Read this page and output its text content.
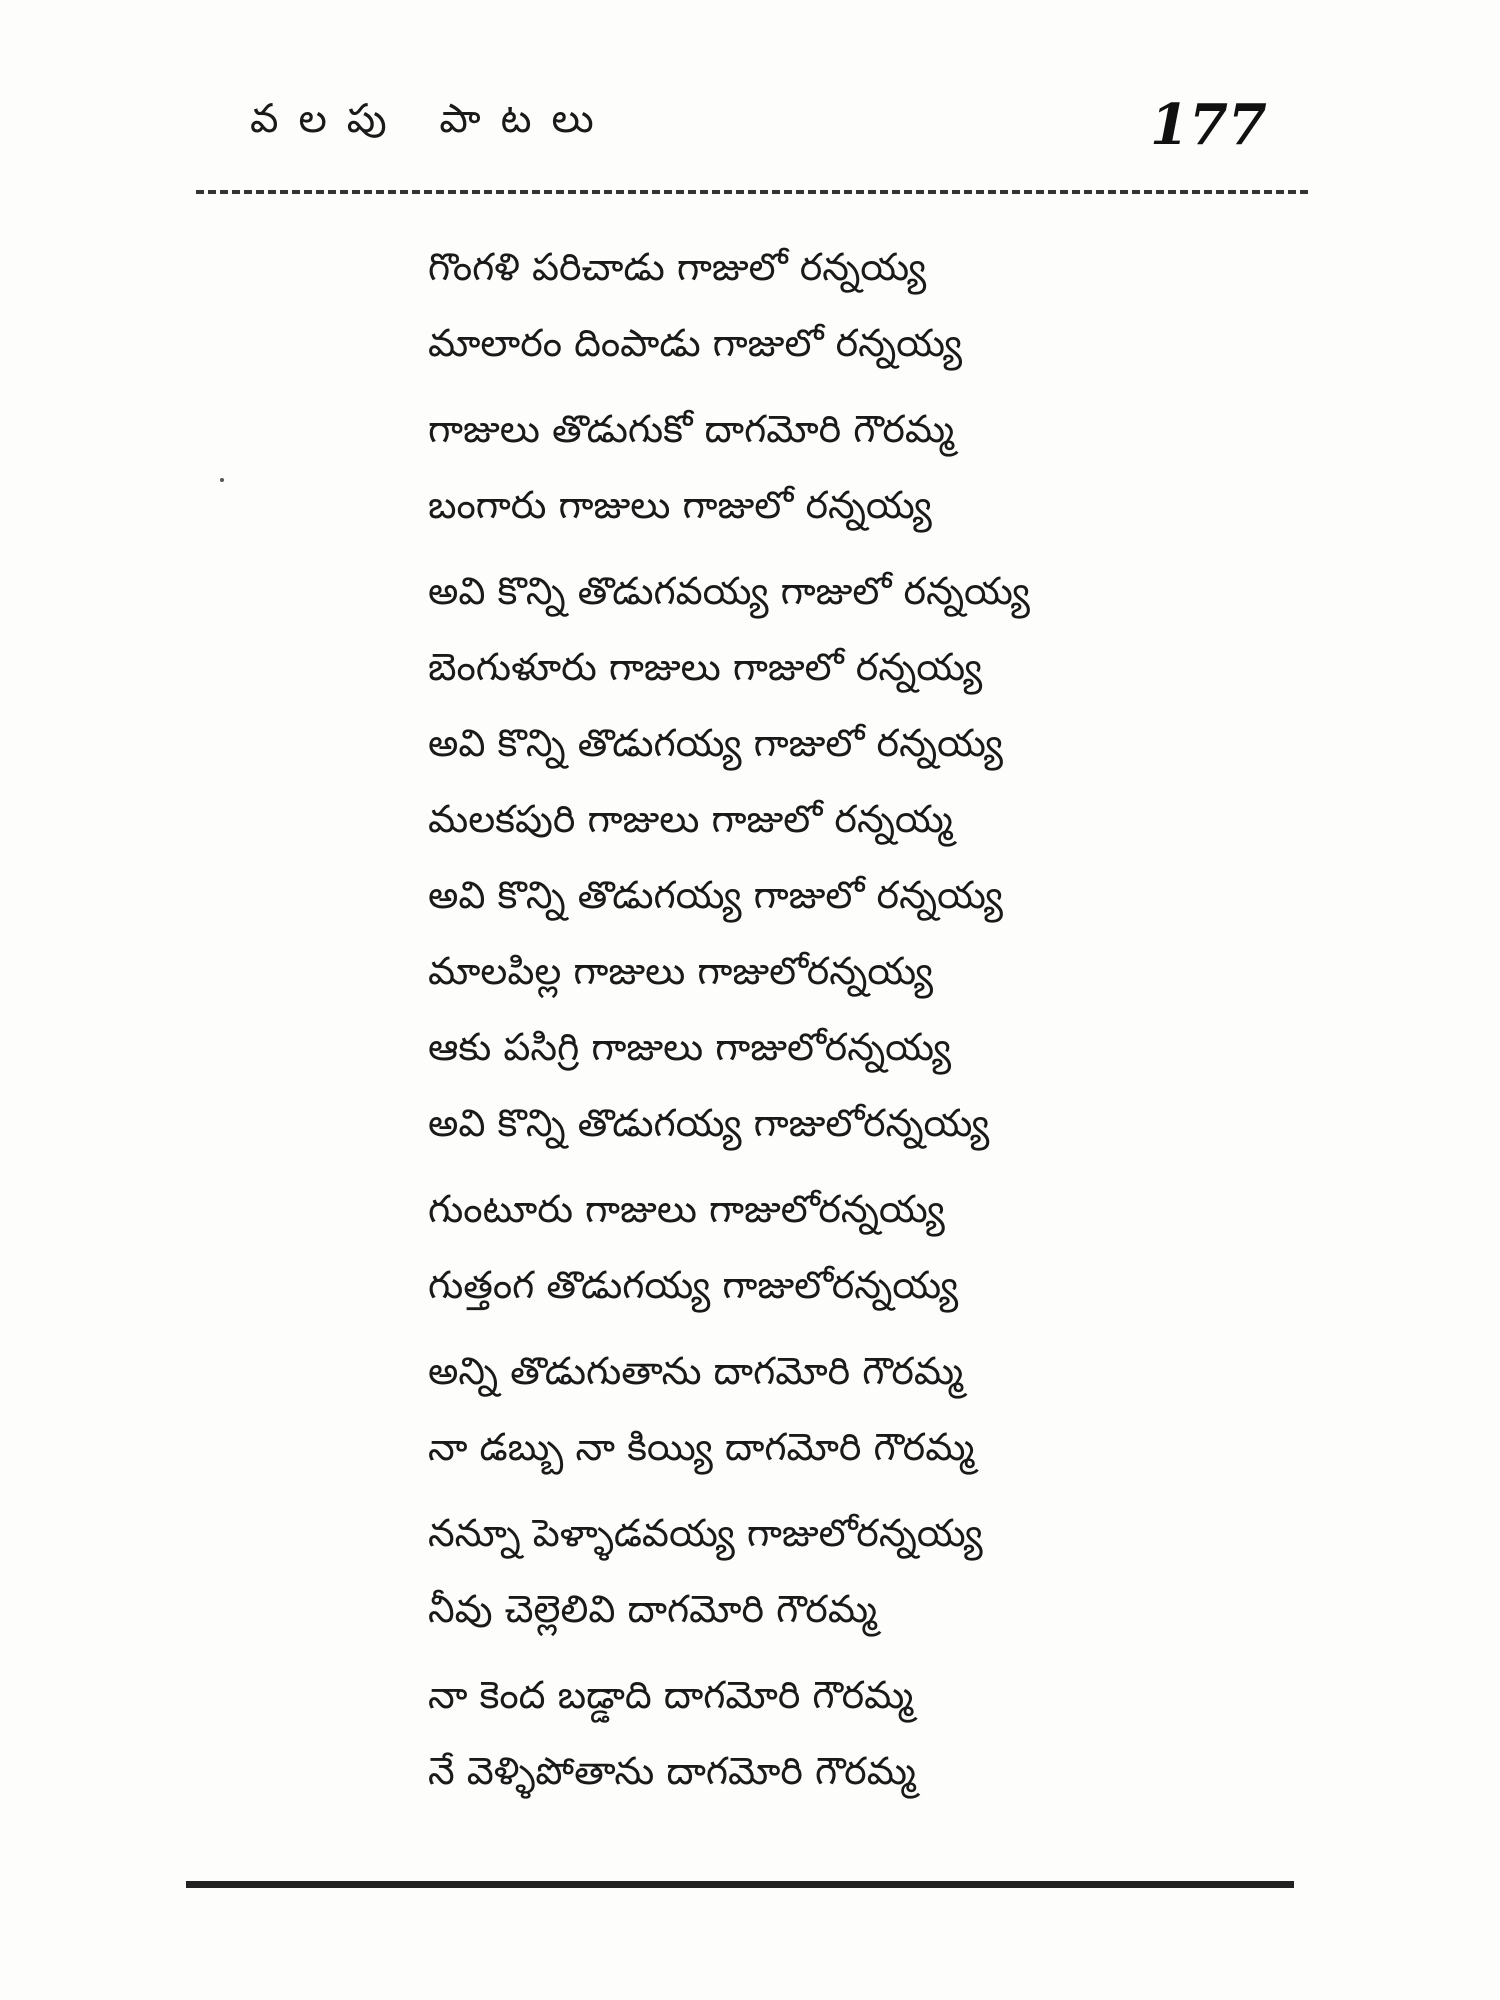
వలపు పాటలు	177
గొంగళి పరిచాడు గాజులో రన్నయ్య
మాలారం దింపాడు గాజులో రన్నయ్య
గాజులు తొడుగుకో దాగమోరి గౌరమ్మ
బంగారు గాజులు గాజులో రన్నయ్య
అవి కొన్ని తొడుగవయ్య గాజులో రన్నయ్య
బెంగుళూరు గాజులు గాజులో రన్నయ్య
అవి కొన్ని తొడుగయ్య గాజులో రన్నయ్య
మలకపురి గాజులు గాజులో రన్నయ్మ
అవి కొన్ని తొడుగయ్య గాజులో రన్నయ్య
మాలపిల్ల గాజులు గాజులోరన్నయ్య
ఆకు పసిగ్రి గాజులు గాజులోరన్నయ్య
అవి కొన్ని తొడుగయ్య గాజులోరన్నయ్య
గుంటూరు గాజులు గాజులోరన్నయ్య
గుత్తంగ తొడుగయ్య గాజులోరన్నయ్య
అన్ని తొడుగుతాను దాగమోరి గౌరమ్మ
నా డబ్బు నా కియ్యి దాగమోరి గౌరమ్మ
నన్నూ పెళ్ళాడవయ్య గాజులోరన్నయ్య
నీవు చెల్లెలివి దాగమోరి గౌరమ్మ
నా కెంద బడ్డాది దాగమోరి గౌరమ్మ
నే వెళ్ళిపోతాను దాగమోరి గౌరమ్మ
